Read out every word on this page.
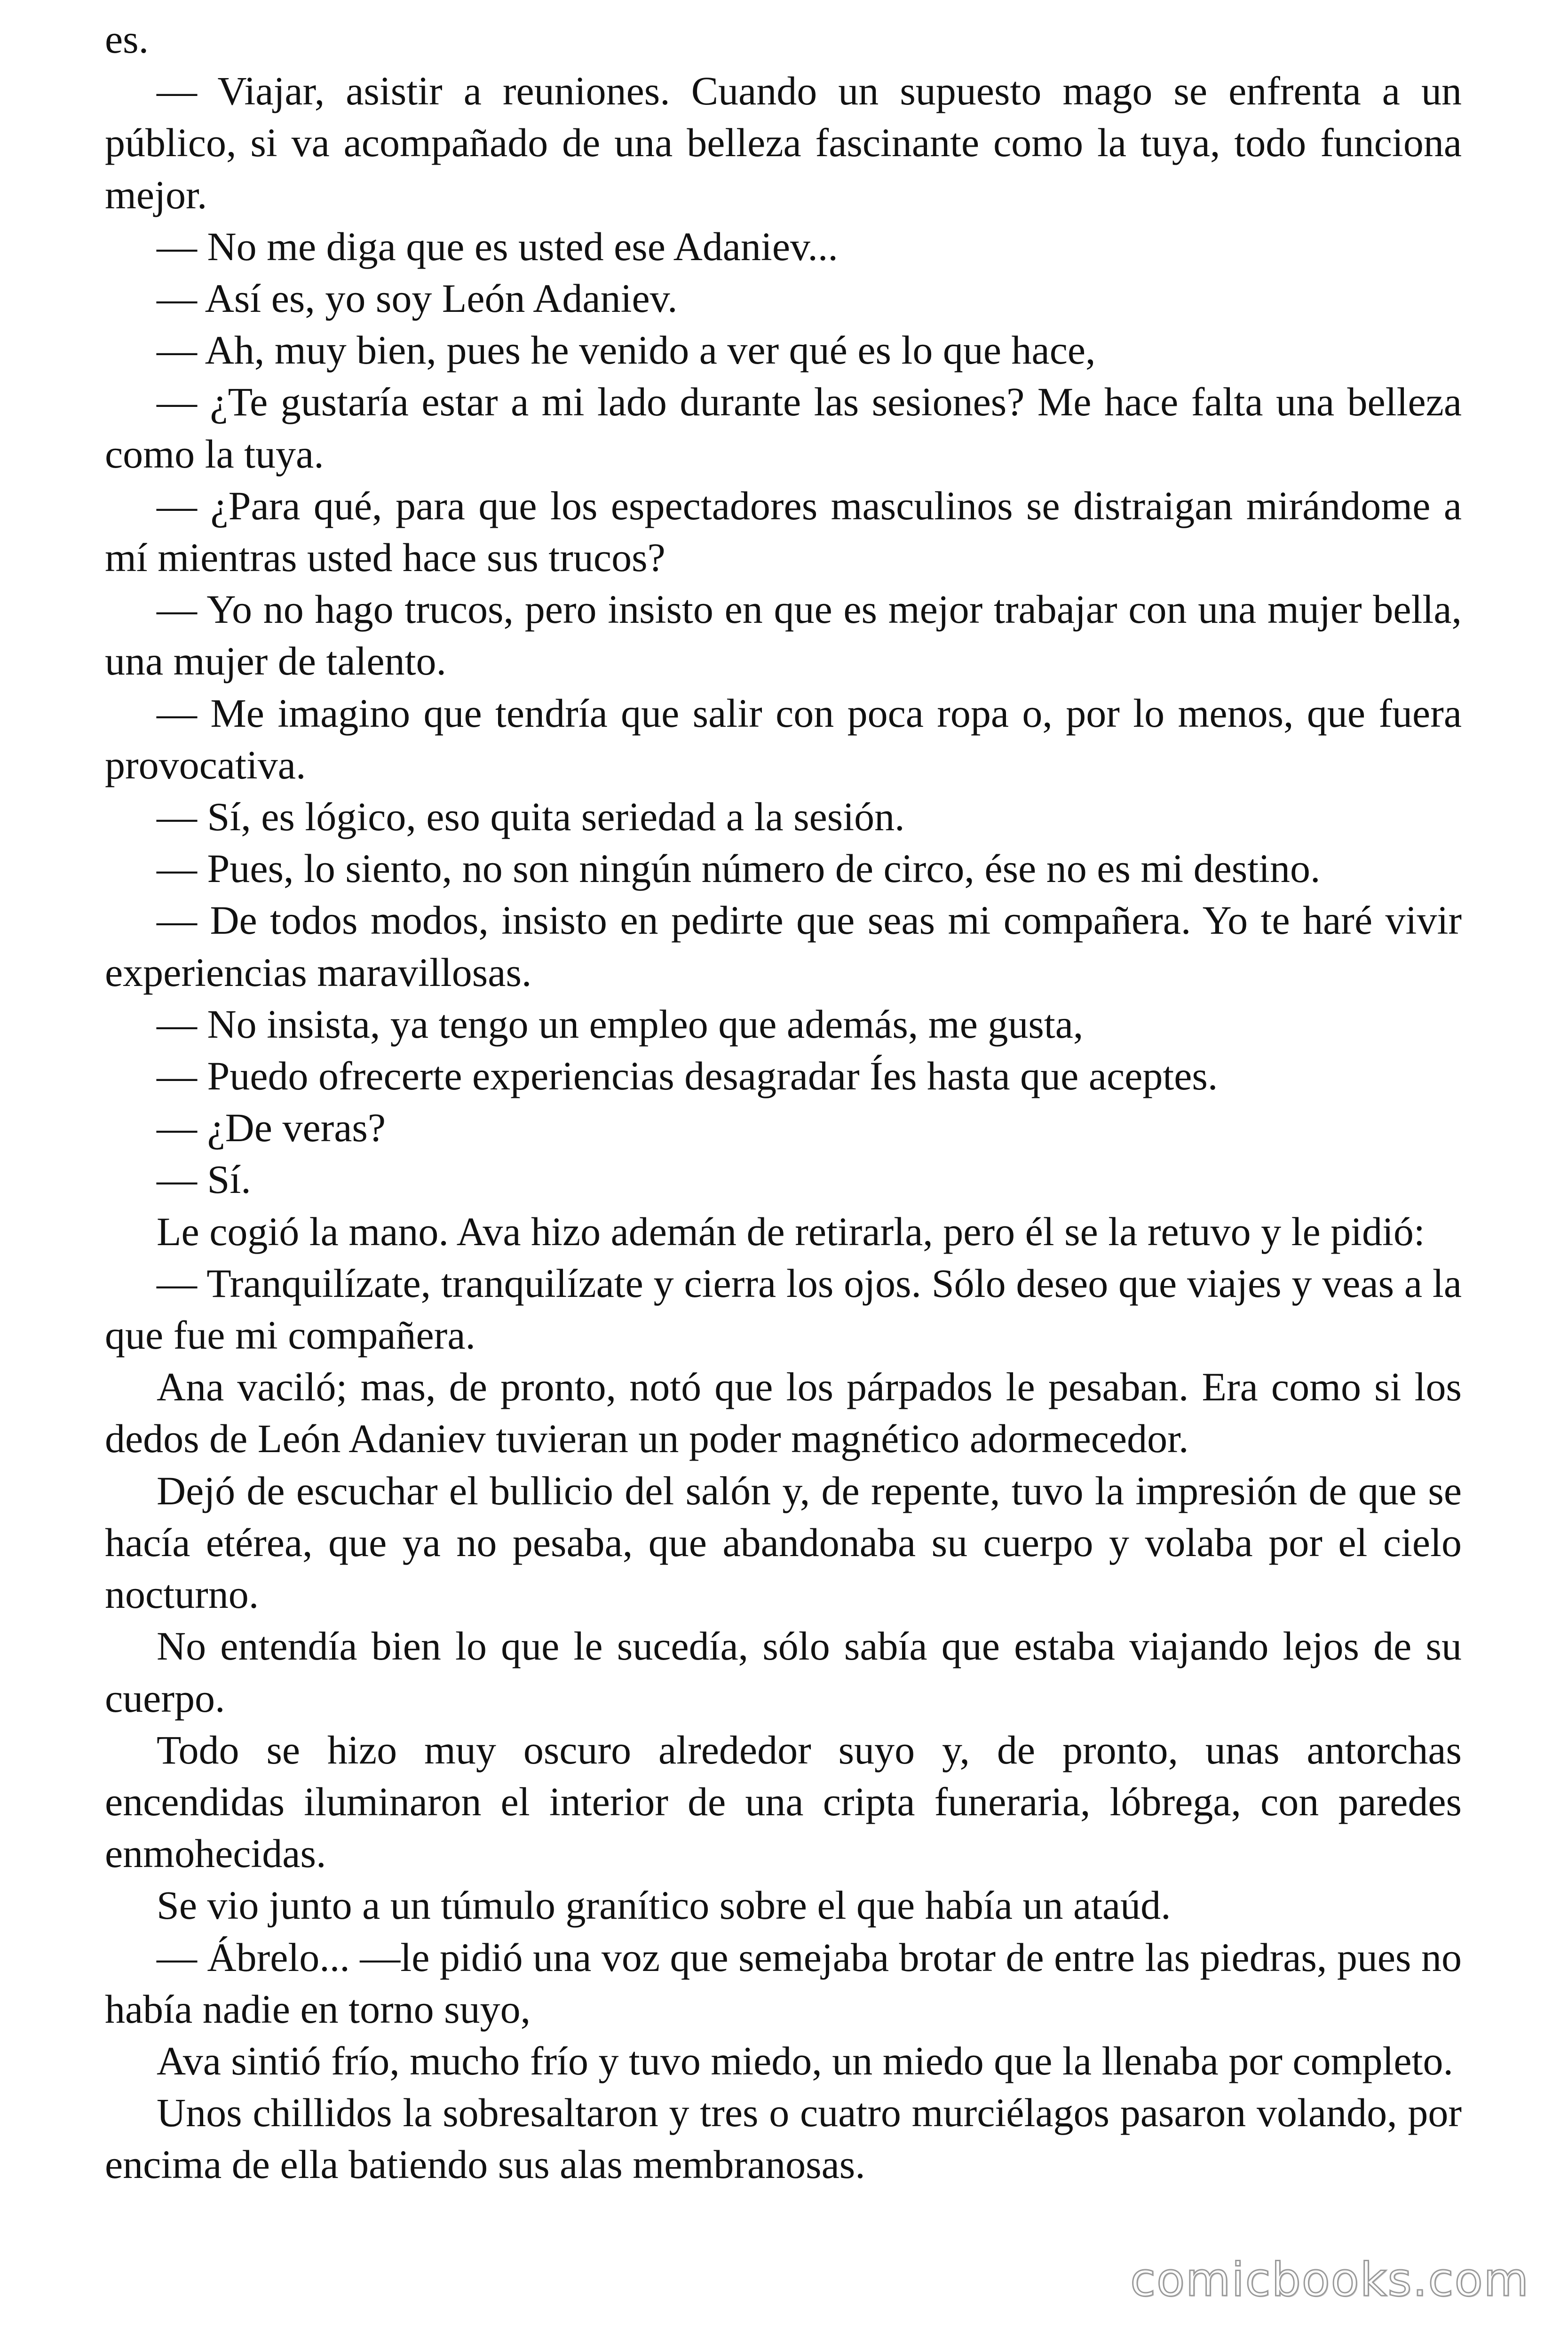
es.

— Viajar, asistir a reuniones. Cuando un supuesto mago se enfrenta a un público, si va acompañado de una belleza fascinante como la tuya, todo funciona mejor.

— No me diga que es usted ese Adaniev...

— Así es, yo soy León Adaniev.

— Ah, muy bien, pues he venido a ver qué es lo que hace,

— ¿Te gustaría estar a mi lado durante las sesiones? Me hace falta una belleza como la tuya.

— ¿Para qué, para que los espectadores masculinos se distraigan mirándome a mí mientras usted hace sus trucos?

— Yo no hago trucos, pero insisto en que es mejor trabajar con una mujer bella, una mujer de talento.

— Me imagino que tendría que salir con poca ropa o, por lo menos, que fuera provocativa.

— Sí, es lógico, eso quita seriedad a la sesión.

— Pues, lo siento, no son ningún número de circo, ése no es mi destino.

— De todos modos, insisto en pedirte que seas mi compañera. Yo te haré vivir experiencias maravillosas.

— No insista, ya tengo un empleo que además, me gusta,

— Puedo ofrecerte experiencias desagradar Íes hasta que aceptes.

— ¿De veras?

— Sí.

Le cogió la mano. Ava hizo ademán de retirarla, pero él se la retuvo y le pidió:

— Tranquilízate, tranquilízate y cierra los ojos. Sólo deseo que viajes y veas a la que fue mi compañera.

Ana vaciló; mas, de pronto, notó que los párpados le pesaban. Era como si los dedos de León Adaniev tuvieran un poder magnético adormecedor.

Dejó de escuchar el bullicio del salón y, de repente, tuvo la impresión de que se hacía etérea, que ya no pesaba, que abandonaba su cuerpo y volaba por el cielo nocturno.

No entendía bien lo que le sucedía, sólo sabía que estaba viajando lejos de su cuerpo.

Todo se hizo muy oscuro alrededor suyo y, de pronto, unas antorchas encendidas iluminaron el interior de una cripta funeraria, lóbrega, con paredes enmohecidas.

Se vio junto a un túmulo granítico sobre el que había un ataúd.

— Ábrelo... —le pidió una voz que semejaba brotar de entre las piedras, pues no había nadie en torno suyo,

Ava sintió frío, mucho frío y tuvo miedo, un miedo que la llenaba por completo.

Unos chillidos la sobresaltaron y tres o cuatro murciélagos pasaron volando, por encima de ella batiendo sus alas membranosas.

comicbooks.com
